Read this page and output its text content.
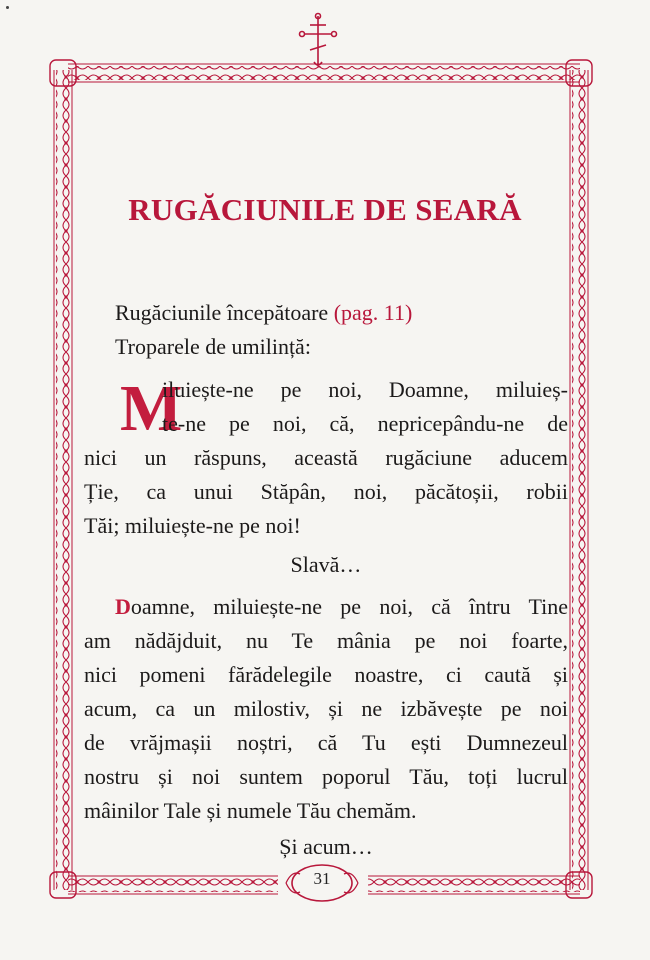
RUGĂCIUNILE DE SEARĂ
Rugăciunile începătoare (pag. 11)
Troparele de umilință:
M
iluiește-ne pe noi, Doamne, miluieș-
te-ne pe noi, că, nepricepându-ne de
nici un răspuns, această rugăciune aducem
Ție, ca unui Stăpân, noi, păcătoșii, robii
Tăi; miluiește-ne pe noi!
Slavă…
Doamne, miluiește-ne pe noi, că întru Tine
am nădăjduit, nu Te mânia pe noi foarte,
nici pomeni fărădelegile noastre, ci caută și
acum, ca un milostiv, și ne izbăvește pe noi
de vrăjmașii noștri, că Tu ești Dumnezeul
nostru și noi suntem poporul Tău, toți lucrul
mâinilor Tale și numele Tău chemăm.
Și acum…
31
